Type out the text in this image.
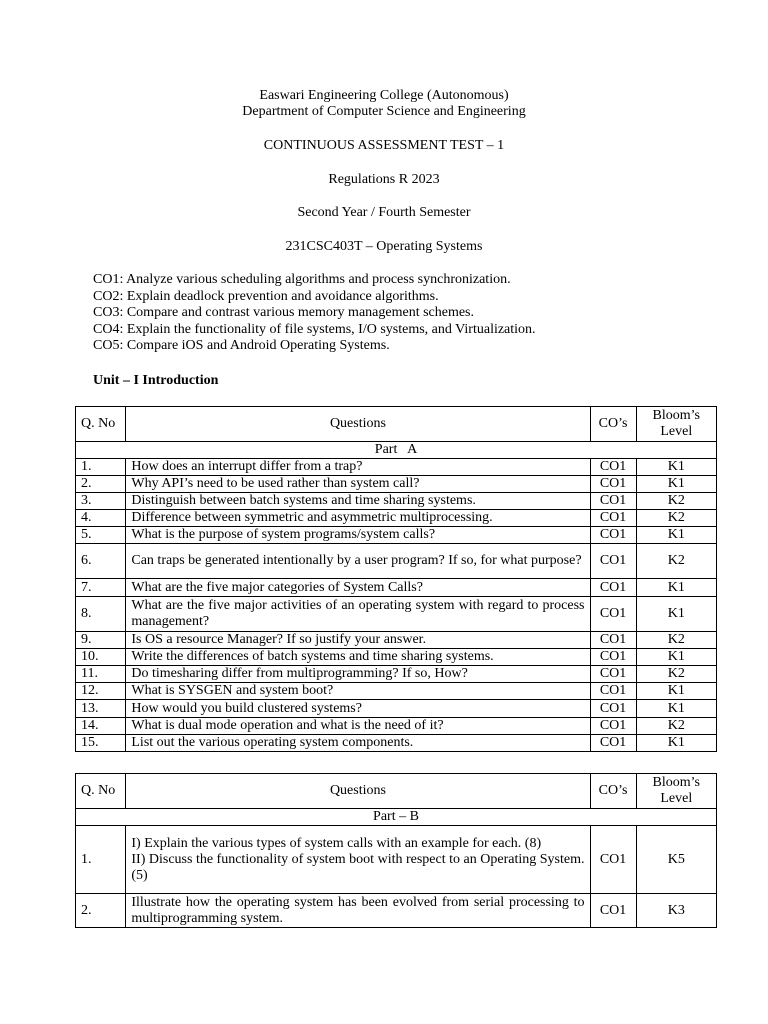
Easwari Engineering College (Autonomous)
Department of Computer Science and Engineering
CONTINUOUS ASSESSMENT TEST – 1
Regulations R 2023
Second Year / Fourth Semester
231CSC403T – Operating Systems
CO1: Analyze various scheduling algorithms and process synchronization.
CO2: Explain deadlock prevention and avoidance algorithms.
CO3: Compare and contrast various memory management schemes.
CO4: Explain the functionality of file systems, I/O systems, and Virtualization.
CO5: Compare iOS and Android Operating Systems.
Unit – I Introduction
Q. No	Questions	CO’s	Bloom’s Level
Part   A			
1.	How does an interrupt differ from a trap?	CO1	K1
2.	Why API’s need to be used rather than system call?	CO1	K1
3.	Distinguish between batch systems and time sharing systems.	CO1	K2
4.	Difference between symmetric and asymmetric multiprocessing.	CO1	K2
5.	What is the purpose of system programs/system calls?	CO1	K1
6.	Can traps be generated intentionally by a user program? If so, for what purpose?	CO1	K2
7.	What are the five major categories of System Calls?	CO1	K1
8.	What are the five major activities of an operating system with regard to process management?	CO1	K1
9.	Is OS a resource Manager? If so justify your answer.	CO1	K2
10.	Write the differences of batch systems and time sharing systems.	CO1	K1
11.	Do timesharing differ from multiprogramming? If so, How?	CO1	K2
12.	What is SYSGEN and system boot?	CO1	K1
13.	How would you build clustered systems?	CO1	K1
14.	What is dual mode operation and what is the need of it?	CO1	K2
15.	List out the various operating system components.	CO1	K1
Q. No	Questions	CO’s	Bloom’s Level
Part – B			
1.	I) Explain the various types of system calls with an example for each. (8)
II) Discuss the functionality of system boot with respect to an Operating System. (5)	CO1	K5
2.	Illustrate how the operating system has been evolved from serial processing to multiprogramming system.	CO1	K3
